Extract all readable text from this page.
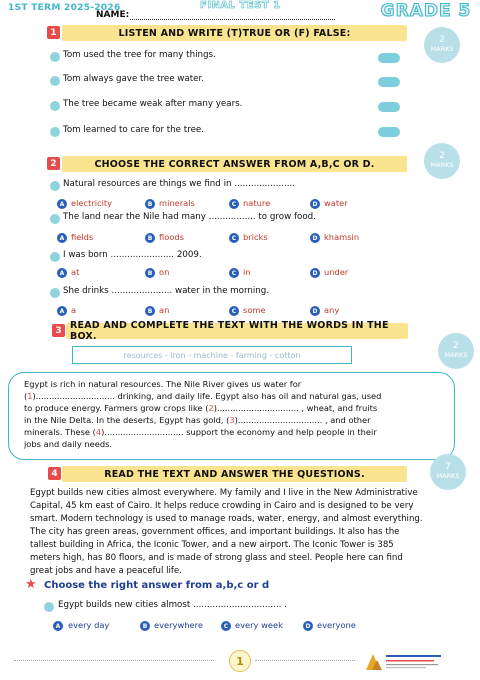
1ST TERM 2025-2026
NAME:
FINAL TEST 1	GRADE 5
1	LISTEN AND WRITE (T)TRUE OR (F) FALSE:
2
MARKS
Tom used the tree for many things.
Tom always gave the tree water.
The tree became weak after many years.
Tom learned to care for the tree.
2	CHOOSE THE CORRECT ANSWER FROM A,B,C OR D.
2
MARKS
Natural resources are things we find in ......................
A electricity	B minerals	C nature	D water
The land near the Nile had many ................. to grow food.
A fields	B floods	C bricks	D khamsin
I was born ....................... 2009.
A at	B on	C in	D under
She drinks ...................... water in the morning.
A a	B an	C some	D any
3 READ AND COMPLETE THE TEXT WITH THE WORDS IN THE BOX.
2
MARKS
resources - iron - machine - farming - cotton
Egypt is rich in natural resources. The Nile River gives us water for
(1).............................. drinking, and daily life. Egypt also has oil and natural gas, used
to produce energy. Farmers grow crops like (2)............................... , wheat, and fruits
in the Nile Delta. In the deserts, Egypt has gold, (3)................................ , and other
minerals. These (4).............................. support the economy and help people in their
jobs and daily needs.
4	READ THE TEXT AND ANSWER THE QUESTIONS.
7
MARKS
Egypt builds new cities almost everywhere. My family and I live in the New Administrative
Capital, 45 km east of Cairo. It helps reduce crowding in Cairo and is designed to be very
smart. Modern technology is used to manage roads, water, energy, and almost everything.
The city has green areas, government offices, and important buildings. It also has the
tallest building in Africa, the Iconic Tower, and a new airport. The Iconic Tower is 385
meters high, has 80 floors, and is made of strong glass and steel. People here can find
great jobs and have a peaceful life.
★ Choose the right answer from a,b,c or d
Egypt builds new cities almost ................................ .
A every day	B everywhere	C every week	D everyone
1
